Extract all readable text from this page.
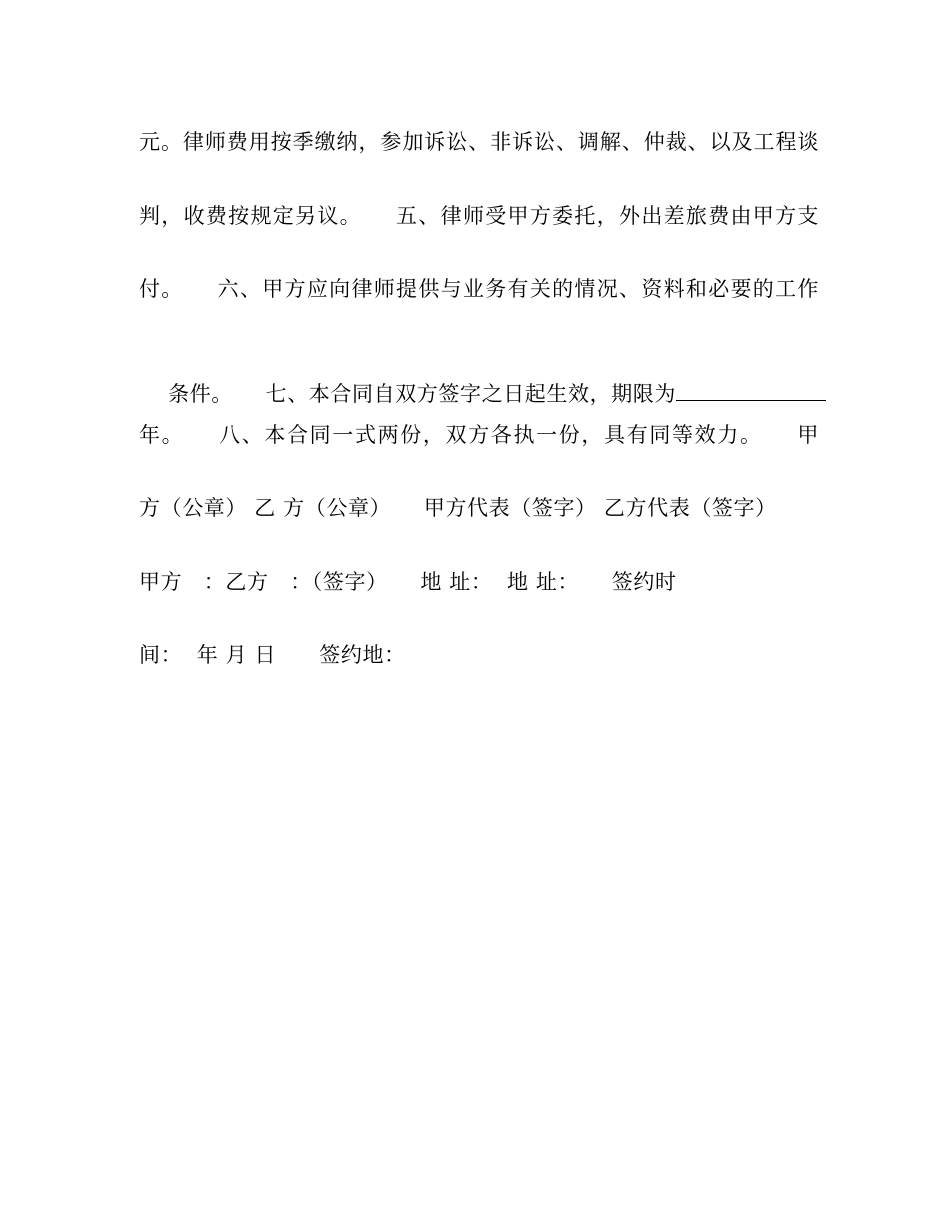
元。律师费用按季缴纳，参加诉讼、非诉讼、调解、仲裁、以及工程谈
判，收费按规定另议。　　五、律师受甲方委托，外出差旅费由甲方支
付。　　六、甲方应向律师提供与业务有关的情况、资料和必要的工作

条件。　　七、本合同自双方签字之日起生效，期限为

年。　　八、本合同一式两份，双方各执一份，具有同等效力。　　甲
方（公章） 乙 方（公章）　　甲方代表（签字） 乙方代表（签字）
甲方　：乙方　：（签字）　　地 址：  地 址：　　签约时
间：  年 月 日　　签约地：
